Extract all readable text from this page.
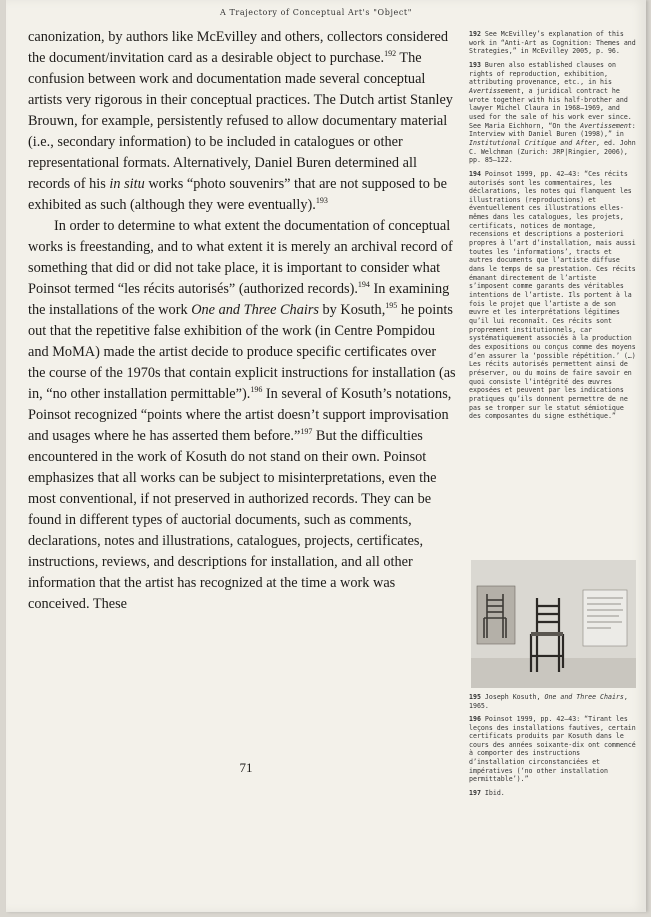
A Trajectory of Conceptual Art's "Object"

canonization, by authors like McEvilley and others, collectors considered the document/invitation card as a desirable object to purchase.$^{192}$ The confusion between work and documentation made several conceptual artists very rigorous in their conceptual practices. The Dutch artist Stanley Brouwn, for example, persistently refused to allow documentary material (i.e., secondary information) to be included in catalogues or other representational formats. Alternatively, Daniel Buren determined all records of his in situ works “photo souvenirs” that are not supposed to be exhibited as such (although they were eventually).$^{193}$

In order to determine to what extent the documentation of conceptual works is freestanding, and to what extent it is merely an archival record of something that did or did not take place, it is important to consider what Poinsot termed “les récits autorisés” (authorized records).$^{194}$ In examining the installations of the work One and Three Chairs by Kosuth,$^{195}$ he points out that the repetitive false exhibition of the work (in Centre Pompidou and MoMA) made the artist decide to produce specific certificates over the course of the 1970s that contain explicit instructions for installation (as in, “no other installation permittable”).$^{196}$ In several of Kosuth’s notations, Poinsot recognized “points where the artist doesn’t support improvisation and usages where he has asserted them before.”$^{197}$ But the difficulties encountered in the work of Kosuth do not stand on their own. Poinsot emphasizes that all works can be subject to misinterpretations, even the most conventional, if not preserved in authorized records. They can be found in different types of auctorial documents, such as comments, declarations, notes and illustrations, catalogues, projects, certificates, instructions, reviews, and descriptions for installation, and all other information that the artist has recognized at the time a work was conceived. These

71
192 See McEvilley’s explanation of this work in “Anti-Art as Cognition: Themes and Strategies,” in McEvilley 2005, p. 96.
193 Buren also established clauses on rights of reproduction, exhibition, attributing provenance, etc., in his Avertissement, a juridical contract he wrote together with his half-brother and lawyer Michel Claura in 1968–1969, and used for the sale of his work ever since. See Maria Eichhorn, “On the Avertissement: Interview with Daniel Buren (1998),” in Institutional Critique and After, ed. John C. Welchman (Zurich: JRP|Ringier, 2006), pp. 85–122.
194 Poinsot 1999, pp. 42–43: “Ces récits autorisés sont les commentaires, les déclarations, les notes qui flanquent les illustrations (reproductions) et éventuellement ces illustrations elles-mêmes dans les catalogues, les projets, certificats, notices de montage, recensions et descriptions a posteriori propres à l’art d’installation, mais aussi toutes les ‘informations’, tracts et autres documents que l’artiste diffuse dans le temps de sa prestation. Ces récits émanant directement de l’artiste s’imposent comme garants des véritables intentions de l’artiste. Ils portent à la fois le projet que l’artiste a de son œuvre et les interprétations légitimes qu’il lui reconnaît. Ces récits sont proprement institutionnels, car systématiquement associés à la production des expositions ou conçus comme des moyens d’en assurer la ‘possible répétition.’ (…) Les récits autorisés permettent ainsi de préserver, ou du moins de faire savoir en quoi consiste l’intégrité des œuvres exposées et peuvent par les indications pratiques qu’ils donnent permettre de ne pas se tromper sur le statut sémiotique des composantes du signe esthétique.”
195 Joseph Kosuth, One and Three Chairs, 1965.
196 Poinsot 1999, pp. 42–43: “Tirant les leçons des installations fautives, certain certificats produits par Kosuth dans le cours des années soixante-dix ont commencé à comporter des instructions d’installation circonstanciées et impératives (‘no other installation permittable’).”
197 Ibid.
